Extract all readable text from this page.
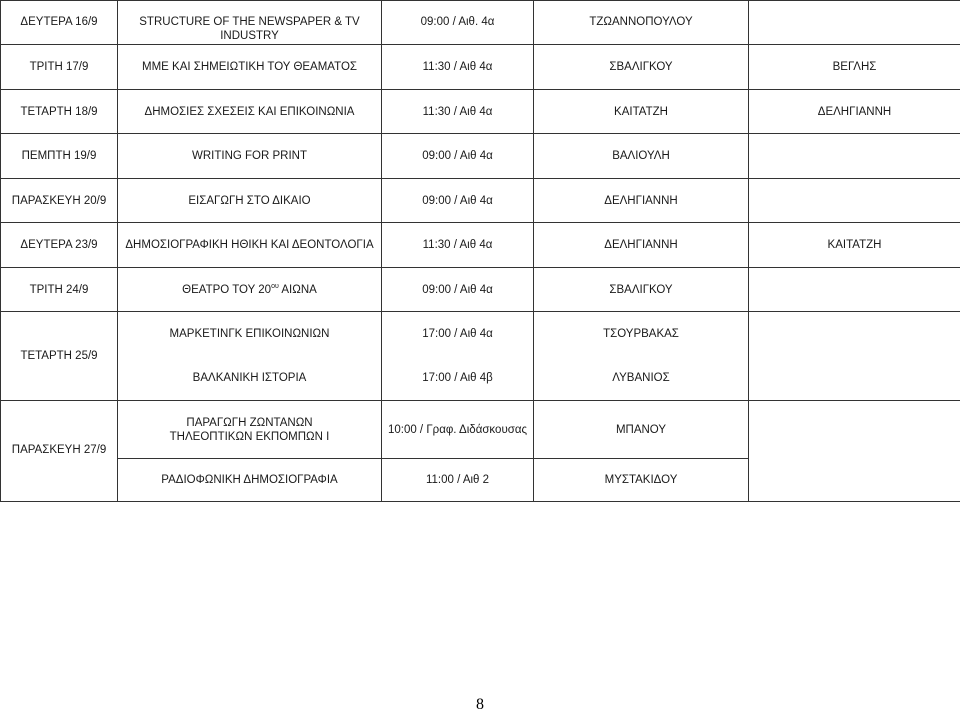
ΔΕΥΤΕΡΑ 16/9	STRUCTURE OF THE NEWSPAPER & TV INDUSTRY	09:00 / Αιθ. 4α	ΤΖΩΑΝΝΟΠΟΥΛΟΥ	
ΤΡΙΤΗ 17/9	ΜΜΕ ΚΑΙ ΣΗΜΕΙΩΤΙΚΗ ΤΟΥ ΘΕΑΜΑΤΟΣ	11:30 / Αιθ 4α	ΣΒΑΛΙΓΚΟΥ	ΒΕΓΛΗΣ
ΤΕΤΑΡΤΗ 18/9	ΔΗΜΟΣΙΕΣ ΣΧΕΣΕΙΣ ΚΑΙ ΕΠΙΚΟΙΝΩΝΙΑ	11:30 / Αιθ 4α	ΚΑΙΤΑΤΖΗ	ΔΕΛΗΓΙΑΝΝΗ
ΠΕΜΠΤΗ 19/9	WRITING FOR PRINT	09:00 / Αιθ 4α	ΒΑΛΙΟΥΛΗ	
ΠΑΡΑΣΚΕΥΗ 20/9	ΕΙΣΑΓΩΓΗ ΣΤΟ ΔΙΚΑΙΟ	09:00 / Αιθ 4α	ΔΕΛΗΓΙΑΝΝΗ	
ΔΕΥΤΕΡΑ 23/9	ΔΗΜΟΣΙΟΓΡΑΦΙΚΗ ΗΘΙΚΗ ΚΑΙ ΔΕΟΝΤΟΛΟΓΙΑ	11:30 / Αιθ 4α	ΔΕΛΗΓΙΑΝΝΗ	ΚΑΙΤΑΤΖΗ
ΤΡΙΤΗ 24/9	ΘΕΑΤΡΟ ΤΟΥ $20^{o\upsilon}$ ΑΙΩΝΑ	09:00 / Αιθ 4α	ΣΒΑΛΙΓΚΟΥ	
ΤΕΤΑΡΤΗ 25/9	ΜΑΡΚΕΤΙΝΓΚ ΕΠΙΚΟΙΝΩΝΙΩΝ	17:00 / Αιθ 4α	ΤΣΟΥΡΒΑΚΑΣ	
	ΒΑΛΚΑΝΙΚΗ ΙΣΤΟΡΙΑ	17:00 / Αιθ 4β	ΛΥΒΑΝΙΟΣ	
ΠΑΡΑΣΚΕΥΗ 27/9	ΠΑΡΑΓΩΓΗ ΖΩΝΤΑΝΩΝ ΤΗΛΕΟΠΤΙΚΩΝ ΕΚΠΟΜΠΩΝ Ι	10:00 / Γραφ. Διδάσκουσας	ΜΠΑΝΟΥ	
	ΡΑΔΙΟΦΩΝΙΚΗ ΔΗΜΟΣΙΟΓΡΑΦΙΑ	11:00 / Αιθ 2	ΜΥΣΤΑΚΙΔΟΥ	
8
